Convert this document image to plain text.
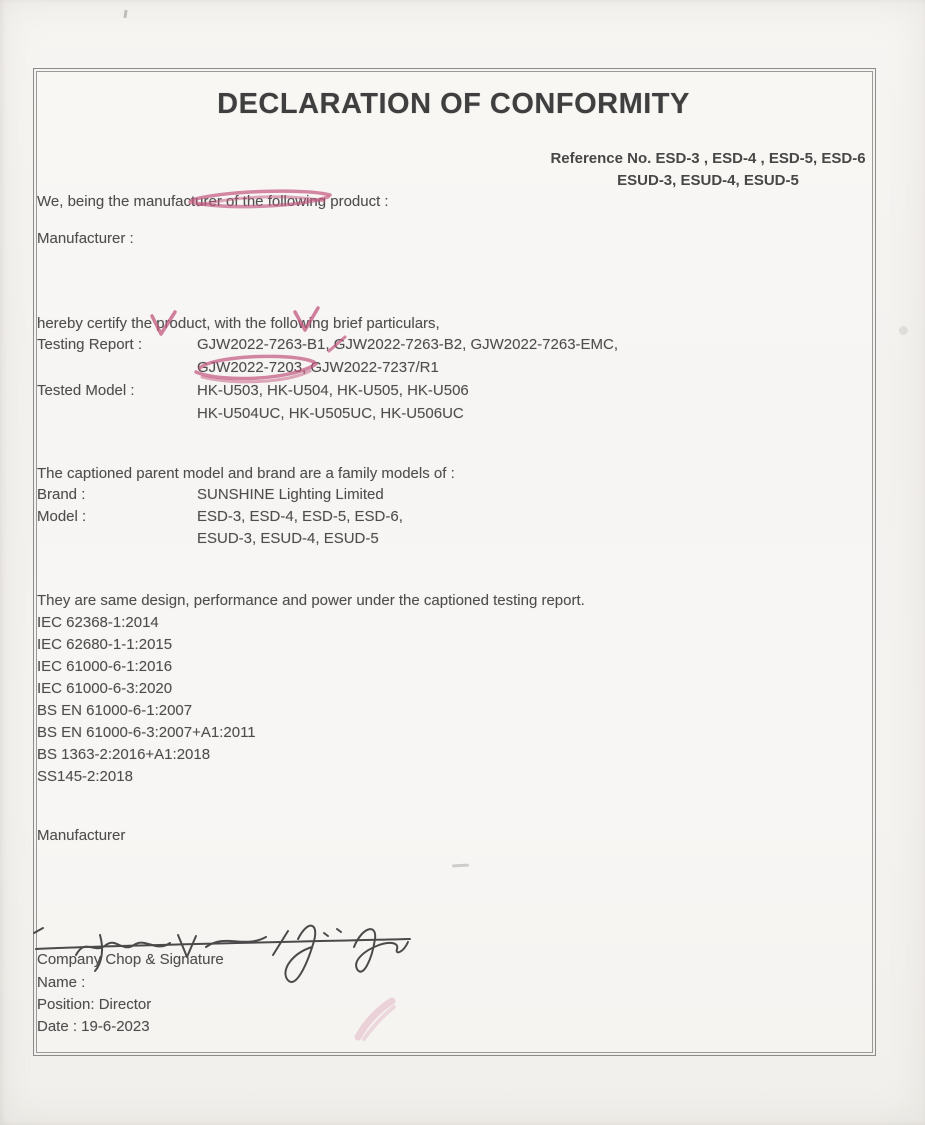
DECLARATION OF CONFORMITY
Reference No. ESD-3 , ESD-4 , ESD-5, ESD-6
ESUD-3, ESUD-4, ESUD-5
We, being the manufacturer of the following product :
Manufacturer :
hereby certify the product, with the following brief particulars,
Testing Report :	GJW2022-7263-B1, GJW2022-7263-B2, GJW2022-7263-EMC,
GJW2022-7203, GJW2022-7237/R1
Tested Model :	HK-U503, HK-U504, HK-U505, HK-U506
HK-U504UC, HK-U505UC, HK-U506UC
The captioned parent model and brand are a family models of :
Brand :	SUNSHINE Lighting Limited
Model :	ESD-3, ESD-4, ESD-5, ESD-6,
ESUD-3, ESUD-4, ESUD-5
They are same design, performance and power under the captioned testing report.
IEC 62368-1:2014
IEC 62680-1-1:2015
IEC 61000-6-1:2016
IEC 61000-6-3:2020
BS EN 61000-6-1:2007
BS EN 61000-6-3:2007+A1:2011
BS 1363-2:2016+A1:2018
SS145-2:2018
Manufacturer
Company Chop & Signature
Name :
Position: Director
Date : 19-6-2023
